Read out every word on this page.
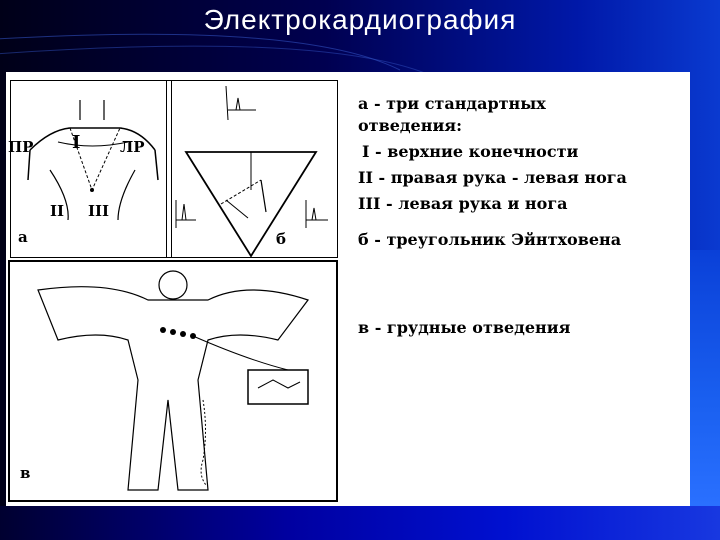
Электрокардиография
ПР I	ЛР
II III
а	б
в
а - три стандартных
отведения:
I - верхние конечности
II - правая рука - левая нога
III - левая рука и нога
б - треугольник Эйнтховена
в - грудные отведения
